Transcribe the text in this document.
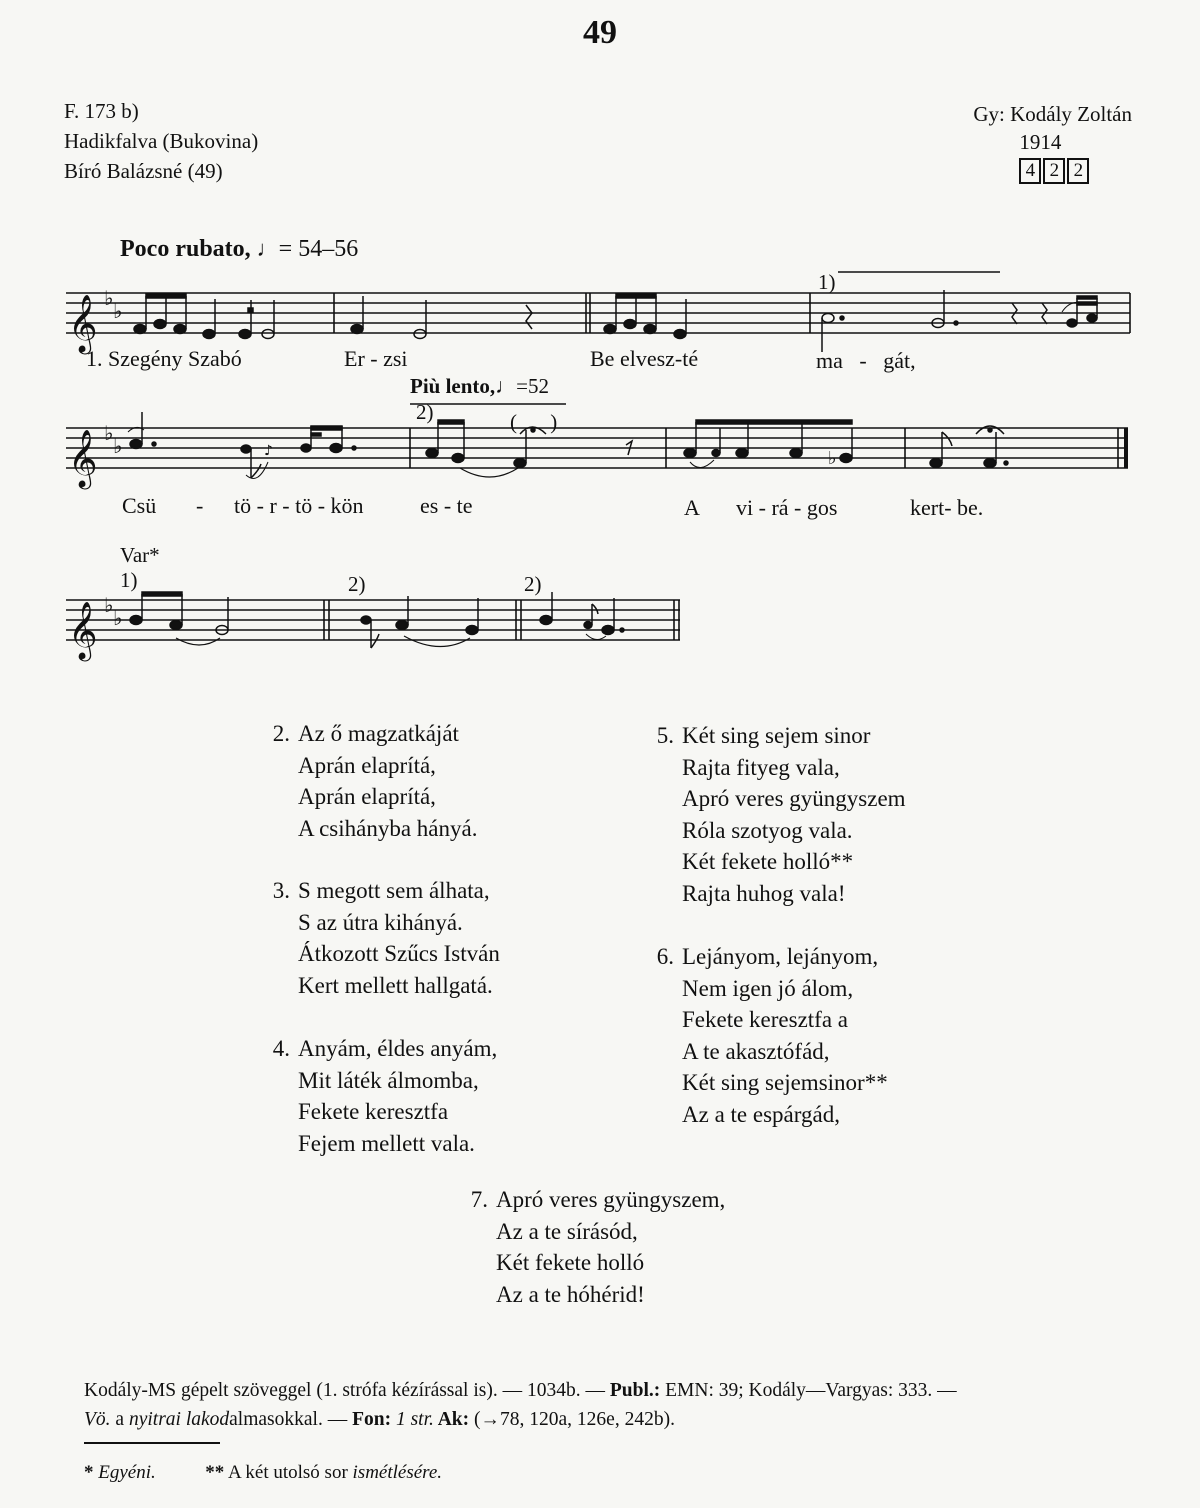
49
F. 173 b)
Hadikfalva (Bukovina)
Bíró Balázsné (49)
Gy: Kodály Zoltán
1914
4 2 2
Poco rubato, ♩= 54–56
𝄞
𝄞
𝄞
♭
♭
♭
♭
♭
♭
♪	♭
1)
Più lento,♩=52
2)	( )
1. Szegény Szabó	Er - zsi	Be elvesz-té	ma   -   gát,
Csü - tö - r - tö - kön	es - te	A vi - rá - gos	kert- be.
Var*
1)	2)	2)
2. Az ő magzatkáját
Aprán elaprítá,
Aprán elaprítá,
A csihányba hányá.
3. S megott sem álhata,
S az útra kihányá.
Átkozott Szűcs István
Kert mellett hallgatá.
4. Anyám, éldes anyám,
Mit láték álmomba,
Fekete keresztfa
Fejem mellett vala.
5. Két sing sejem sinor
Rajta fityeg vala,
Apró veres gyüngyszem
Róla szotyog vala.
Két fekete holló**
Rajta huhog vala!
6. Lejányom, lejányom,
Nem igen jó álom,
Fekete keresztfa a
A te akasztófád,
Két sing sejemsinor**
Az a te espárgád,
7. Apró veres gyüngyszem,
Az a te sírásód,
Két fekete holló
Az a te hóhérid!
Kodály-MS gépelt szöveggel (1. strófa kézírással is). — 1034b. — Publ.: EMN: 39; Kodály—Vargyas: 333. —
Vö. a nyitrai lakodalmasokkal. — Fon: 1 str. Ak: (→78, 120a, 126e, 242b).
* Egyéni.	** A két utolsó sor ismétlésére.
